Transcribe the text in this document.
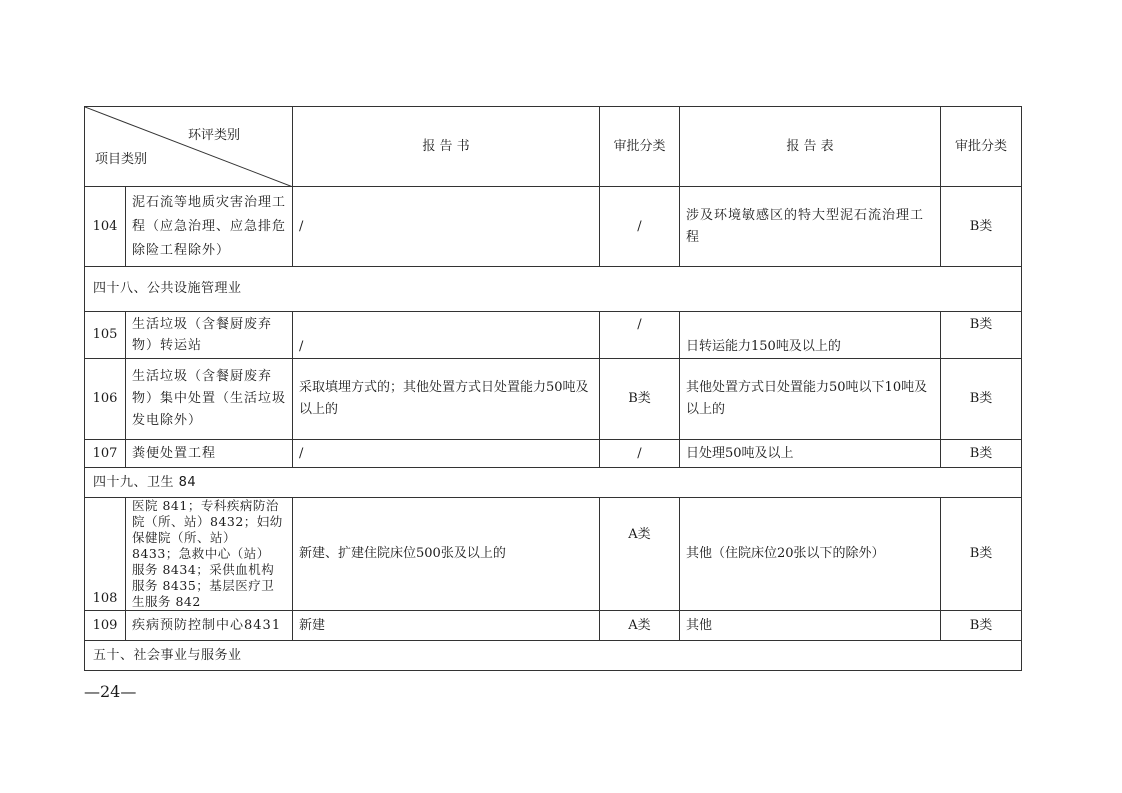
环评类别
项目类别		报 告 书	审批分类	报 告 表	审批分类
104	泥石流等地质灾害治理工程（应急治理、应急排危除险工程除外）	/	/	涉及环境敏感区的特大型泥石流治理工程	B类
四十八、公共设施管理业					
105	生活垃圾（含餐厨废弃物）转运站	/	/	日转运能力150吨及以上的	B类
106	生活垃圾（含餐厨废弃物）集中处置（生活垃圾发电除外）	采取填埋方式的；其他处置方式日处置能力50吨及以上的	B类	其他处置方式日处置能力50吨以下10吨及以上的	B类
107	粪便处置工程	/	/	日处理50吨及以上	B类
四十九、卫生 84					
108	医院 841；专科疾病防治院（所、站）8432；妇幼保健院（所、站） 8433；急救中心（站） 服务 8434；采供血机构服务 8435；基层医疗卫生服务 842	新建、扩建住院床位500张及以上的	A类	其他（住院床位20张以下的除外）	B类
109	疾病预防控制中心8431	新建	A类	其他	B类
五十、社会事业与服务业					
—24—
